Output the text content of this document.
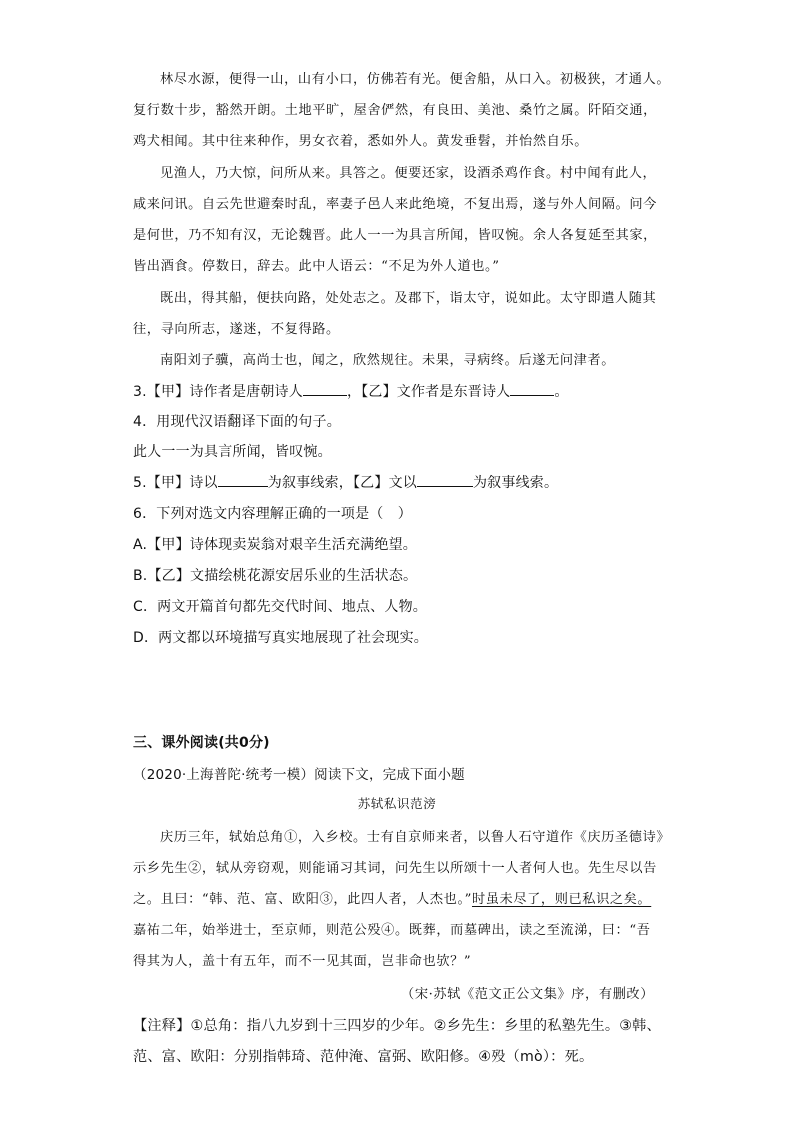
林尽水源，便得一山，山有小口，仿佛若有光。便舍船，从口入。初极狭，才通人。
复行数十步，豁然开朗。土地平旷，屋舍俨然，有良田、美池、桑竹之属。阡陌交通，
鸡犬相闻。其中往来种作，男女衣着，悉如外人。黄发垂髫，并怡然自乐。
见渔人，乃大惊，问所从来。具答之。便要还家，设酒杀鸡作食。村中闻有此人，
咸来问讯。自云先世避秦时乱，率妻子邑人来此绝境，不复出焉，遂与外人间隔。问今
是何世，乃不知有汉，无论魏晋。此人一一为具言所闻，皆叹惋。余人各复延至其家，
皆出酒食。停数日，辞去。此中人语云：“不足为外人道也。”
既出，得其船，便扶向路，处处志之。及郡下，诣太守，说如此。太守即遣人随其
往，寻向所志，遂迷，不复得路。
南阳刘子骥，高尚士也，闻之，欣然规往。未果，寻病终。后遂无问津者。
3.【甲】诗作者是唐朝诗人	，【乙】文作者是东晋诗人	。
4．用现代汉语翻译下面的句子。
此人一一为具言所闻，皆叹惋。
5.【甲】诗以	为叙事线索，【乙】文以	为叙事线索。
6．下列对选文内容理解正确的一项是（　）
A.【甲】诗体现卖炭翁对艰辛生活充满绝望。
B.【乙】文描绘桃花源安居乐业的生活状态。
C．两文开篇首句都先交代时间、地点、人物。
D．两文都以环境描写真实地展现了社会现实。
三、课外阅读(共0分)
（2020·上海普陀·统考一模）阅读下文，完成下面小题
苏轼私识范滂
庆历三年，轼始总角①，入乡校。士有自京师来者，以鲁人石守道作《庆历圣德诗》
示乡先生②，轼从旁窃观，则能诵习其词，问先生以所颂十一人者何人也。先生尽以告
之。且曰：“韩、范、富、欧阳③，此四人者，人杰也。”时虽未尽了，则已私识之矣。
嘉祐二年，始举进士，至京师，则范公殁④。既葬，而墓碑出，读之至流涕，曰：“吾
得其为人，盖十有五年，而不一见其面，岂非命也欤？”
（宋·苏轼《范文正公文集》序，有删改）
【注释】①总角：指八九岁到十三四岁的少年。②乡先生：乡里的私塾先生。③韩、
范、富、欧阳：分别指韩琦、范仲淹、富弼、欧阳修。④殁（mò）：死。
